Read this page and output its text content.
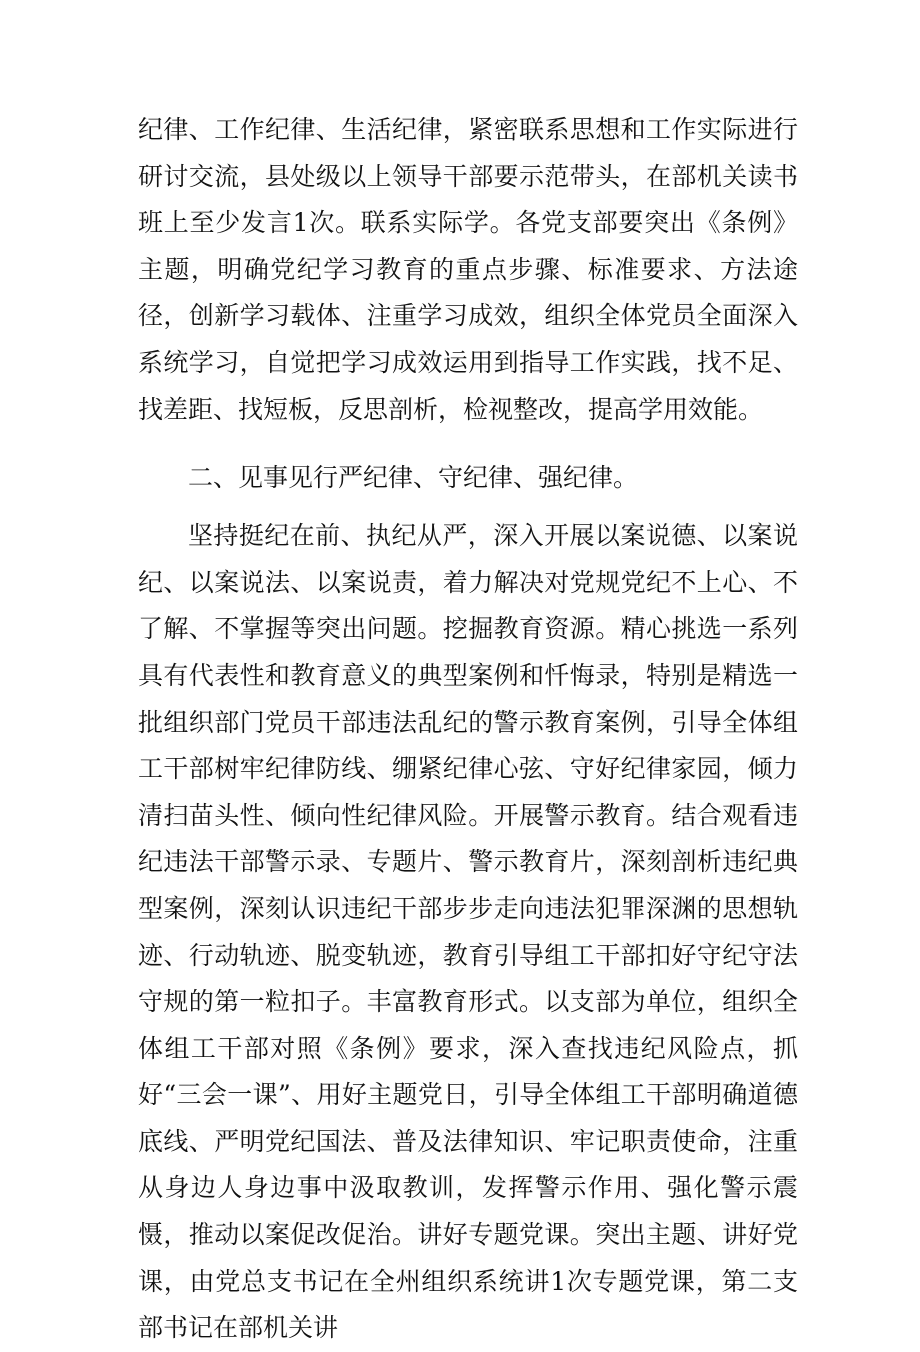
纪律、工作纪律、生活纪律，紧密联系思想和工作实际进行研讨交流，县处级以上领导干部要示范带头，在部机关读书班上至少发言1次。联系实际学。各党支部要突出《条例》主题，明确党纪学习教育的重点步骤、标准要求、方法途径，创新学习载体、注重学习成效，组织全体党员全面深入系统学习，自觉把学习成效运用到指导工作实践，找不足、找差距、找短板，反思剖析，检视整改，提高学用效能。

二、见事见行严纪律、守纪律、强纪律。

坚持挺纪在前、执纪从严，深入开展以案说德、以案说纪、以案说法、以案说责，着力解决对党规党纪不上心、不了解、不掌握等突出问题。挖掘教育资源。精心挑选一系列具有代表性和教育意义的典型案例和忏悔录，特别是精选一批组织部门党员干部违法乱纪的警示教育案例，引导全体组工干部树牢纪律防线、绷紧纪律心弦、守好纪律家园，倾力清扫苗头性、倾向性纪律风险。开展警示教育。结合观看违纪违法干部警示录、专题片、警示教育片，深刻剖析违纪典型案例，深刻认识违纪干部步步走向违法犯罪深渊的思想轨迹、行动轨迹、脱变轨迹，教育引导组工干部扣好守纪守法守规的第一粒扣子。丰富教育形式。以支部为单位，组织全体组工干部对照《条例》要求，深入查找违纪风险点，抓好“三会一课”、用好主题党日，引导全体组工干部明确道德底线、严明党纪国法、普及法律知识、牢记职责使命，注重从身边人身边事中汲取教训，发挥警示作用、强化警示震慑，推动以案促改促治。讲好专题党课。突出主题、讲好党课，由党总支书记在全州组织系统讲1次专题党课，第二支部书记在部机关讲
